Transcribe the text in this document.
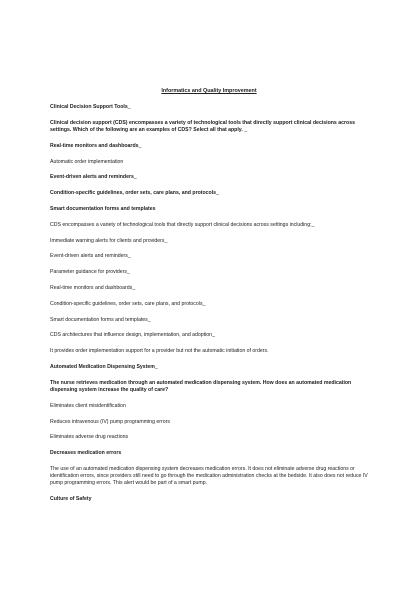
Informatics and Quality Improvement
Clinical Decision Support Tools_
Clinical decision support (CDS) encompasses a variety of technological tools that directly support clinical decisions across settings. Which of the following are an examples of CDS? Select all that apply. _
Real-time monitors and dashboards_
Automatic order implementation
Event-driven alerts and reminders_
Condition-specific guidelines, order sets, care plans, and protocols_
Smart documentation forms and templates
CDS encompasses a variety of technological tools that directly support clinical decisions across settings including:_
Immediate warning alerts for clients and providers_
Event-driven alerts and reminders_
Parameter guidance for providers_
Real-time monitors and dashboards_
Condition-specific guidelines, order sets, care plans, and protocols_
Smart documentation forms and templates_
CDS architectures that influence design, implementation, and adoption_
It provides order implementation support for a provider but not the automatic initiation of orders.
Automated Medication Dispensing System_
The nurse retrieves medication through an automated medication dispensing system. How does an automated medication dispensing system increase the quality of care?
Eliminates client misidentification
Reduces intravenous (IV) pump programming errors
Eliminates adverse drug reactions
Decreases medication errors
The use of an automated medication dispensing system decreases medication errors. It does not eliminate adverse drug reactions or identification errors, since providers still need to go through the medication administration checks at the bedside. It also does not reduce IV pump programming errors. This alert would be part of a smart pump.
Culture of Safety
